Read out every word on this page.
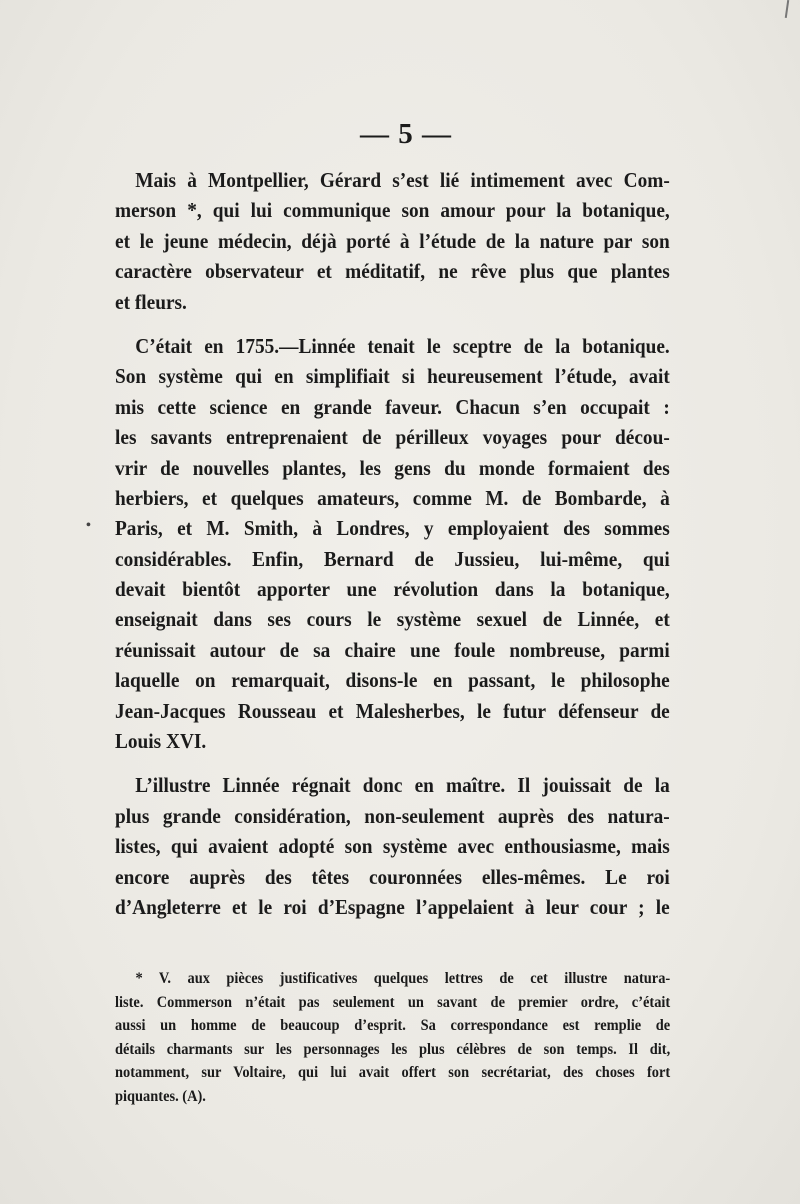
— 5 —
•
Mais à Montpellier, Gérard s’est lié intimement avec Com-
merson *, qui lui communique son amour pour la botanique,
et le jeune médecin, déjà porté à l’étude de la nature par son
caractère observateur et méditatif, ne rêve plus que plantes
et fleurs.
C’était en 1755.—Linnée tenait le sceptre de la botanique.
Son système qui en simplifiait si heureusement l’étude, avait
mis cette science en grande faveur. Chacun s’en occupait :
les savants entreprenaient de périlleux voyages pour décou-
vrir de nouvelles plantes, les gens du monde formaient des
herbiers, et quelques amateurs, comme M. de Bombarde, à
Paris, et M. Smith, à Londres, y employaient des sommes
considérables. Enfin, Bernard de Jussieu, lui-même, qui
devait bientôt apporter une révolution dans la botanique,
enseignait dans ses cours le système sexuel de Linnée, et
réunissait autour de sa chaire une foule nombreuse, parmi
laquelle on remarquait, disons-le en passant, le philosophe
Jean-Jacques Rousseau et Malesherbes, le futur défenseur de
Louis XVI.
L’illustre Linnée régnait donc en maître. Il jouissait de la
plus grande considération, non-seulement auprès des natura-
listes, qui avaient adopté son système avec enthousiasme, mais
encore auprès des têtes couronnées elles-mêmes. Le roi
d’Angleterre et le roi d’Espagne l’appelaient à leur cour ; le
* V. aux pièces justificatives quelques lettres de cet illustre natura-
liste. Commerson n’était pas seulement un savant de premier ordre, c’était
aussi un homme de beaucoup d’esprit. Sa correspondance est remplie de
détails charmants sur les personnages les plus célèbres de son temps. Il dit,
notamment, sur Voltaire, qui lui avait offert son secrétariat, des choses fort
piquantes. (A).
